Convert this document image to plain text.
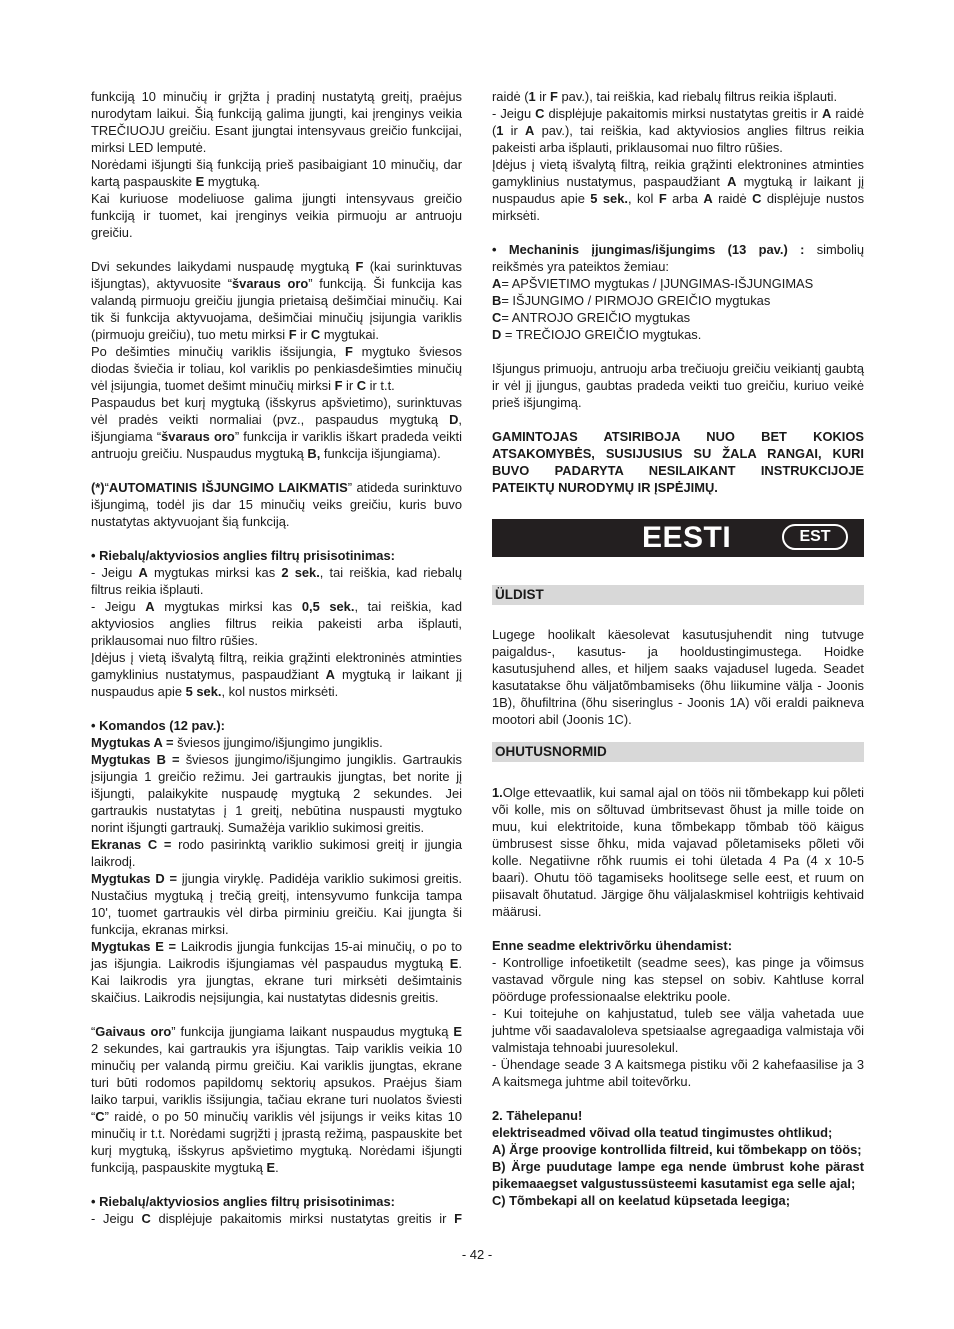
funkciją 10 minučių ir grįžta į pradinį nustatytą greitį, praėjus nurodytam laikui. Šią funkciją galima įjungti, kai įrenginys veikia TREČIUOJU greičiu. Esant įjungtai intensyvaus greičio funkcijai, mirksi LED lemputė.

Norėdami išjungti šią funkciją prieš pasibaigiant 10 minučių, dar kartą paspauskite E mygtuką.

Kai kuriuose modeliuose galima įjungti intensyvaus greičio funkciją ir tuomet, kai įrenginys veikia pirmuoju ar antruoju greičiu.

Dvi sekundes laikydami nuspaudę mygtuką F (kai surinktuvas išjungtas), aktyvuosite “švaraus oro” funkciją. Ši funkcija kas valandą pirmuoju greičiu įjungia prietaisą dešimčiai minučių. Kai tik ši funkcija aktyvuojama, dešimčiai minučių įsijungia variklis (pirmuoju greičiu), tuo metu mirksi F ir C mygtukai.

Po dešimties minučių variklis išsijungia, F mygtuko šviesos diodas šviečia ir toliau, kol variklis po penkiasdešimties minučių vėl įsijungia, tuomet dešimt minučių mirksi F ir C ir t.t.

Paspaudus bet kurį mygtuką (išskyrus apšvietimo), surinktuvas vėl pradės veikti normaliai (pvz., paspaudus mygtuką D, išjungiama “švaraus oro” funkcija ir variklis iškart pradeda veikti antruoju greičiu. Nuspaudus mygtuką B, funkcija išjungiama).

(*)“AUTOMATINIS IŠJUNGIMO LAIKMATIS” atideda surinktuvo išjungimą, todėl jis dar 15 minučių veiks greičiu, kuris buvo nustatytas aktyvuojant šią funkciją.

• Riebalų/aktyviosios anglies filtrų prisisotinimas:

- Jeigu A mygtukas mirksi kas 2 sek., tai reiškia, kad riebalų filtrus reikia išplauti.

- Jeigu A mygtukas mirksi kas 0,5 sek., tai reiškia, kad aktyviosios anglies filtrus reikia pakeisti arba išplauti, priklausomai nuo filtro rūšies.

Įdėjus į vietą išvalytą filtrą, reikia grąžinti elektroninės atminties gamyklinius nustatymus, paspaudžiant A mygtuką ir laikant jį nuspaudus apie 5 sek., kol nustos mirksėti.

• Komandos (12 pav.):

Mygtukas A = šviesos įjungimo/išjungimo jungiklis.

Mygtukas B = šviesos įjungimo/išjungimo jungiklis. Gartraukis įsijungia 1 greičio režimu. Jei gartraukis įjungtas, bet norite jį išjungti, palaikykite nuspaudę mygtuką 2 sekundes. Jei gartraukis nustatytas į 1 greitį, nebūtina nuspausti mygtuko norint išjungti gartraukį. Sumažėja variklio sukimosi greitis.

Ekranas C = rodo pasirinktą variklio sukimosi greitį ir įjungia laikrodį.

Mygtukas D = įjungia viryklę. Padidėja variklio sukimosi greitis. Nustačius mygtuką į trečią greitį, intensyvumo funkcija tampa 10', tuomet gartraukis vėl dirba pirminiu greičiu. Kai įjungta ši funkcija, ekranas mirksi.

Mygtukas E = Laikrodis įjungia funkcijas 15-ai minučių, o po to jas išjungia. Laikrodis išjungiamas vėl paspaudus mygtuką E. Kai laikrodis yra įjungtas, ekrane turi mirksėti dešimtainis skaičius. Laikrodis neįsijungia, kai nustatytas didesnis greitis.

“Gaivaus oro” funkcija įjungiama laikant nuspaudus mygtuką E 2 sekundes, kai gartraukis yra išjungtas. Taip variklis veikia 10 minučių per valandą pirmu greičiu. Kai variklis įjungtas, ekrane turi būti rodomos papildomų sektorių apsukos. Praėjus šiam laiko tarpui, variklis išsijungia, tačiau ekrane turi nuolatos šviesti “C” raidė, o po 50 minučių variklis vėl įsijungs ir veiks kitas 10 minučių ir t.t. Norėdami sugrįžti į įprastą režimą, paspauskite bet kurį mygtuką, išskyrus apšvietimo mygtuką. Norėdami išjungti funkciją, paspauskite mygtuką E.

• Riebalų/aktyviosios anglies filtrų prisisotinimas:

- Jeigu C displėjuje pakaitomis mirksi nustatytas greitis ir F

raidė (1 ir F pav.), tai reiškia, kad riebalų filtrus reikia išplauti.

- Jeigu C displėjuje pakaitomis mirksi nustatytas greitis ir A raidė (1 ir A pav.), tai reiškia, kad aktyviosios anglies filtrus reikia pakeisti arba išplauti, priklausomai nuo filtro rūšies.

Įdėjus į vietą išvalytą filtrą, reikia grąžinti elektronines atminties gamyklinius nustatymus, paspaudžiant A mygtuką ir laikant jį nuspaudus apie 5 sek., kol F arba A raidė C displėjuje nustos mirksėti.

• Mechaninis įjungimas/išjungims (13 pav.) : simbolių reikšmės yra pateiktos žemiau:

A= APŠVIETIMO mygtukas / ĮJUNGIMAS-IŠJUNGIMAS

B= IŠJUNGIMO / PIRMOJO GREIČIO mygtukas

C= ANTROJO GREIČIO mygtukas

D = TREČIOJO GREIČIO mygtukas.

Išjungus primuoju, antruoju arba trečiuoju greičiu veikiantį gaubtą ir vėl jį įjungus, gaubtas pradeda veikti tuo greičiu, kuriuo veikė prieš išjungimą.

GAMINTOJAS ATSIRIBOJA NUO BET KOKIOS ATSAKOMYBĖS, SUSIJUSIUS SU ŽALA RANGAI, KURI BUVO PADARYTA NESILAIKANT INSTRUKCIJOJE PATEIKTŲ NURODYMŲ IR ĮSPĖJIMŲ.

EESTI	EST
ÜLDIST

Lugege hoolikalt käesolevat kasutusjuhendit ning tutvuge paigaldus-, kasutus- ja hooldustingimustega. Hoidke kasutusjuhend alles, et hiljem saaks vajadusel lugeda. Seadet kasutatakse õhu väljatõmbamiseks (õhu liikumine välja - Joonis 1B), õhufiltrina (õhu siseringlus - Joonis 1A) või eraldi paikneva mootori abil (Joonis 1C).

OHUTUSNORMID

1.Olge ettevaatlik, kui samal ajal on töös nii tõmbekapp kui põleti või kolle, mis on sõltuvad ümbritsevast õhust ja mille toide on muu, kui elektritoide, kuna tõmbekapp tõmbab töö käigus ümbrusest sisse õhku, mida vajavad põletamiseks põleti või kolle. Negatiivne rõhk ruumis ei tohi ületada 4 Pa (4 x 10-5 baari). Ohutu töö tagamiseks hoolitsege selle eest, et ruum on piisavalt õhutatud. Järgige õhu väljalaskmisel kohtriigis kehtivaid määrusi.

Enne seadme elektrivõrku ühendamist:

- Kontrollige infoetiketilt (seadme sees), kas pinge ja võimsus vastavad võrgule ning kas stepsel on sobiv. Kahtluse korral pöörduge professionaalse elektriku poole.

- Kui toitejuhe on kahjustatud, tuleb see välja vahetada uue juhtme või saadavaloleva spetsiaalse agregaadiga valmistaja või valmistaja tehnoabi juuresolekul.

- Ühendage seade 3 A kaitsmega pistiku või 2 kahefaasilise ja 3 A kaitsmega juhtme abil toitevõrku.

2. Tähelepanu!

elektriseadmed võivad olla teatud tingimustes ohtlikud;

A) Ärge proovige kontrollida filtreid, kui tõmbekapp on töös;

B) Ärge puudutage lampe ega nende ümbrust kohe pärast pikemaaegset valgustussüsteemi kasutamist ega selle ajal;

C) Tõmbekapi all on keelatud küpsetada leegiga;

- 42 -
